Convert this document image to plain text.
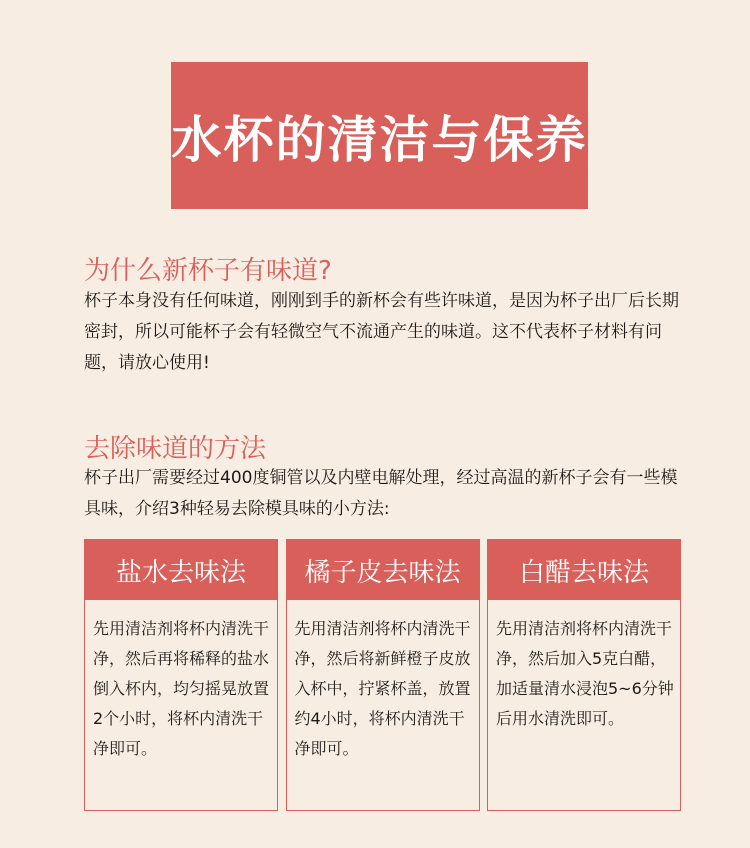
水杯的清洁与保养
为什么新杯子有味道?

杯子本身没有任何味道，刚刚到手的新杯会有些许味道，是因为杯子出厂后长期密封，所以可能杯子会有轻微空气不流通产生的味道。这不代表杯子材料有问题，请放心使用!

去除味道的方法

杯子出厂需要经过400度铜管以及内壁电解处理，经过高温的新杯子会有一些模具味，介绍3种轻易去除模具味的小方法:

盐水去味法

先用清洁剂将杯内清洗干净，然后再将稀释的盐水倒入杯内，均匀摇晃放置2个小时，将杯内清洗干净即可。

橘子皮去味法

先用清洁剂将杯内清洗干净，然后将新鲜橙子皮放入杯中，拧紧杯盖，放置约4小时，将杯内清洗干净即可。

白醋去味法

先用清洁剂将杯内清洗干净，然后加入5克白醋，加适量清水浸泡5~6分钟后用水清洗即可。
